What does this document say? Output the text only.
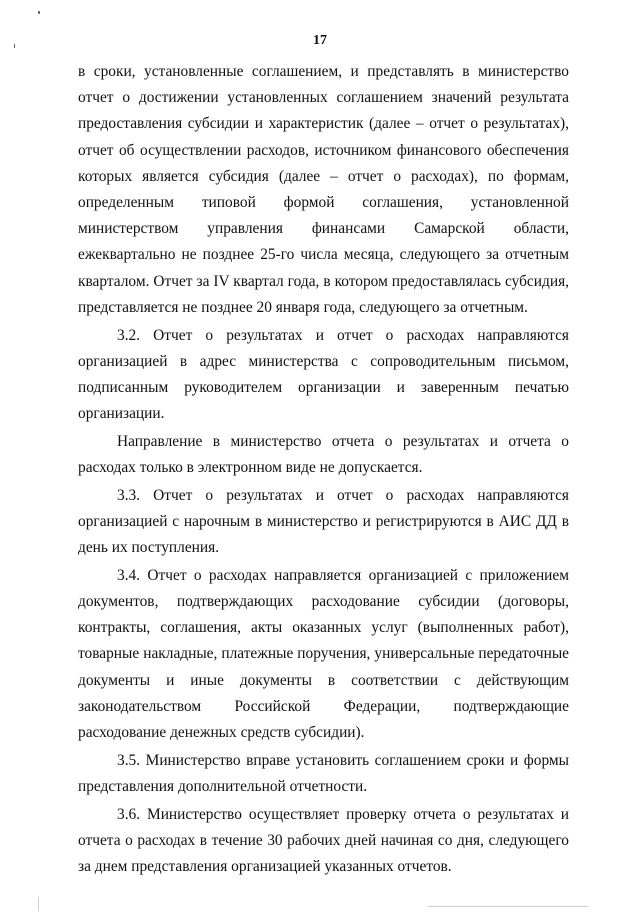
17

в сроки, установленные соглашением, и представлять в министерство отчет о достижении установленных соглашением значений результата предоставления субсидии и характеристик (далее – отчет о результатах), отчет об осуществлении расходов, источником финансового обеспечения которых является субсидия (далее – отчет о расходах), по формам, определенным типовой формой соглашения, установленной министерством управления финансами Самарской области, ежеквартально не позднее 25-го числа месяца, следующего за отчетным кварталом. Отчет за IV квартал года, в котором предоставлялась субсидия, представляется не позднее 20 января года, следующего за отчетным.

3.2. Отчет о результатах и отчет о расходах направляются организацией в адрес министерства с сопроводительным письмом, подписанным руководителем организации и заверенным печатью организации.

Направление в министерство отчета о результатах и отчета о расходах только в электронном виде не допускается.

3.3. Отчет о результатах и отчет о расходах направляются организацией с нарочным в министерство и регистрируются в АИС ДД в день их поступления.

3.4. Отчет о расходах направляется организацией с приложением документов, подтверждающих расходование субсидии (договоры, контракты, соглашения, акты оказанных услуг (выполненных работ), товарные накладные, платежные поручения, универсальные передаточные документы и иные документы в соответствии с действующим законодательством Российской Федерации, подтверждающие расходование денежных средств субсидии).

3.5. Министерство вправе установить соглашением сроки и формы представления дополнительной отчетности.

3.6. Министерство осуществляет проверку отчета о результатах и отчета о расходах в течение 30 рабочих дней начиная со дня, следующего за днем представления организацией указанных отчетов.
